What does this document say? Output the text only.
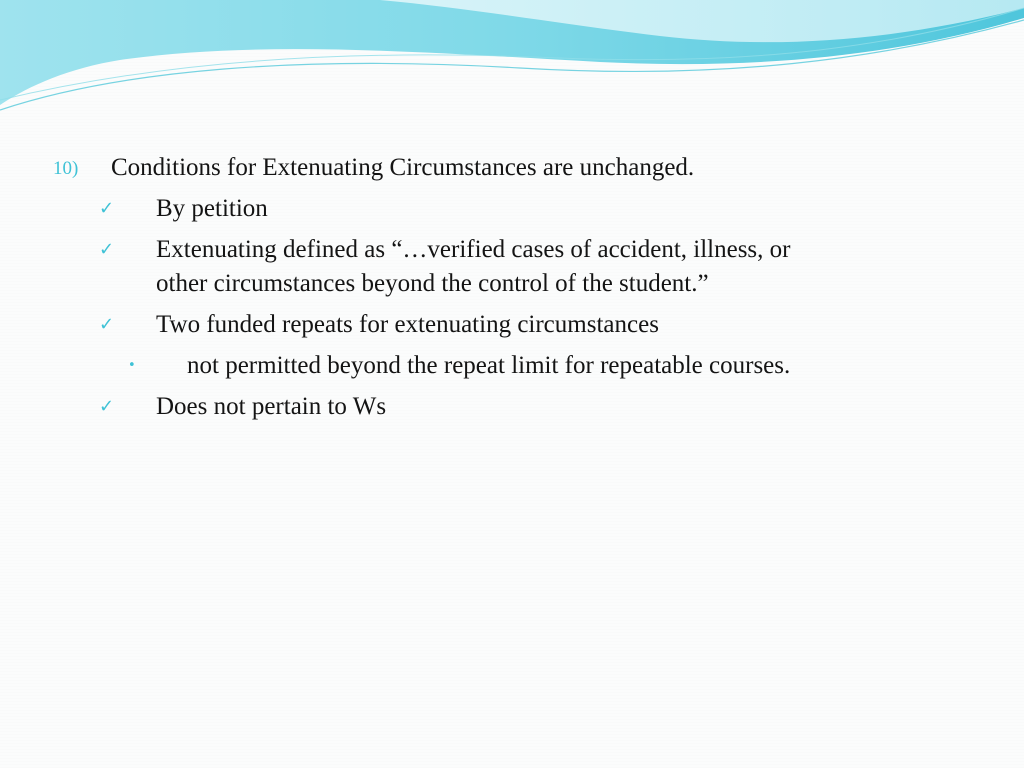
10) Conditions for Extenuating Circumstances are unchanged.
✓ By petition
✓ Extenuating defined as “…verified cases of accident, illness, or
other circumstances beyond the control of the student.”
✓ Two funded repeats for extenuating circumstances
• not permitted beyond the repeat limit for repeatable courses.
✓ Does not pertain to Ws
